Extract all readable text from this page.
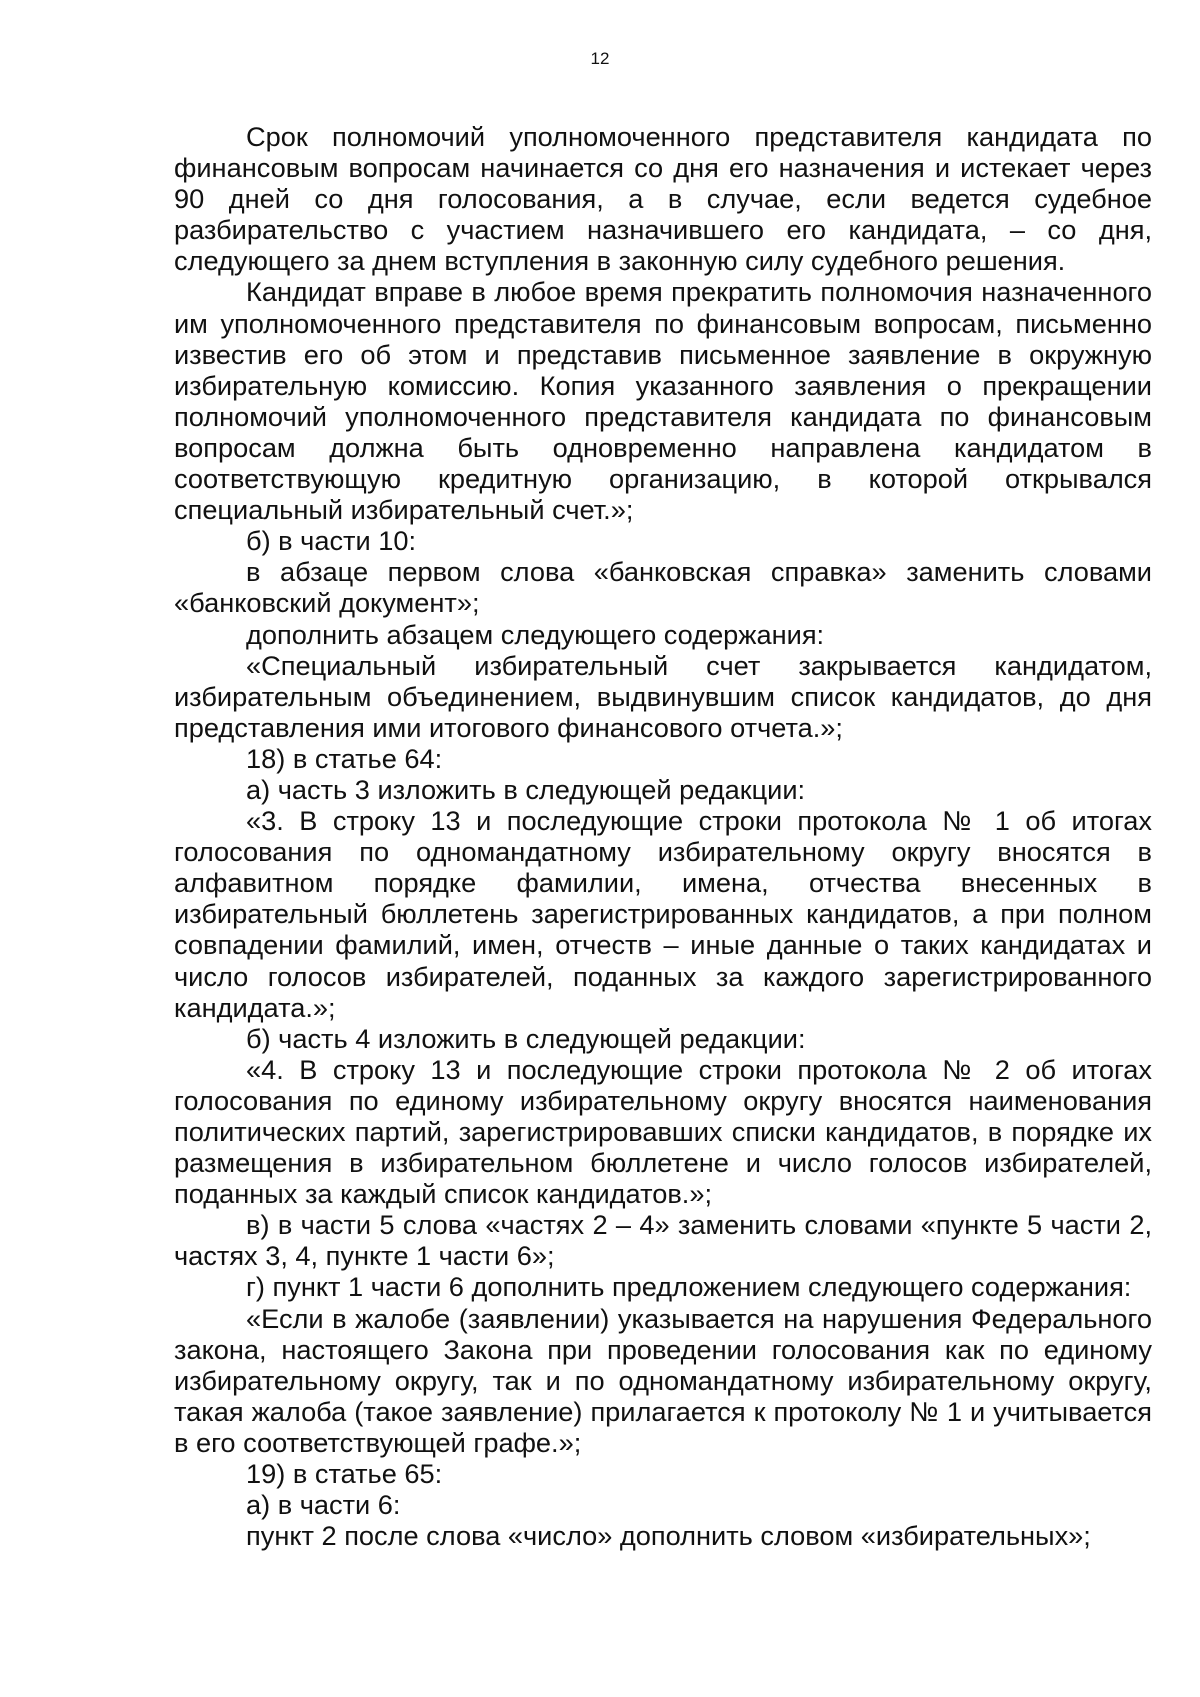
12

Срок полномочий уполномоченного представителя кандидата по финансовым вопросам начинается со дня его назначения и истекает через 90 дней со дня голосования, а в случае, если ведется судебное разбирательство с участием назначившего его кандидата, – со дня, следующего за днем вступления в законную силу судебного решения.

Кандидат вправе в любое время прекратить полномочия назначенного им уполномоченного представителя по финансовым вопросам, письменно известив его об этом и представив письменное заявление в окружную избирательную комиссию. Копия указанного заявления о прекращении полномочий уполномоченного представителя кандидата по финансовым вопросам должна быть одновременно направлена кандидатом в соответствующую кредитную организацию, в которой открывался специальный избирательный счет.»;

б) в части 10:

в абзаце первом слова «банковская справка» заменить словами «банковский документ»;

дополнить абзацем следующего содержания:

«Специальный избирательный счет закрывается кандидатом, избирательным объединением, выдвинувшим список кандидатов, до дня представления ими итогового финансового отчета.»;

18) в статье 64:

а) часть 3 изложить в следующей редакции:

«3. В строку 13 и последующие строки протокола № 1 об итогах голосования по одномандатному избирательному округу вносятся в алфавитном порядке фамилии, имена, отчества внесенных в избирательный бюллетень зарегистрированных кандидатов, а при полном совпадении фамилий, имен, отчеств – иные данные о таких кандидатах и число голосов избирателей, поданных за каждого зарегистрированного кандидата.»;

б) часть 4 изложить в следующей редакции:

«4. В строку 13 и последующие строки протокола № 2 об итогах голосования по единому избирательному округу вносятся наименования политических партий, зарегистрировавших списки кандидатов, в порядке их размещения в избирательном бюллетене и число голосов избирателей, поданных за каждый список кандидатов.»;

в) в части 5 слова «частях 2 – 4» заменить словами «пункте 5 части 2, частях 3, 4, пункте 1 части 6»;

г) пункт 1 части 6 дополнить предложением следующего содержания:

«Если в жалобе (заявлении) указывается на нарушения Федерального закона, настоящего Закона при проведении голосования как по единому избирательному округу, так и по одномандатному избирательному округу, такая жалоба (такое заявление) прилагается к протоколу № 1 и учитывается в его соответствующей графе.»;

19) в статье 65:

а) в части 6:

пункт 2 после слова «число» дополнить словом «избирательных»;
